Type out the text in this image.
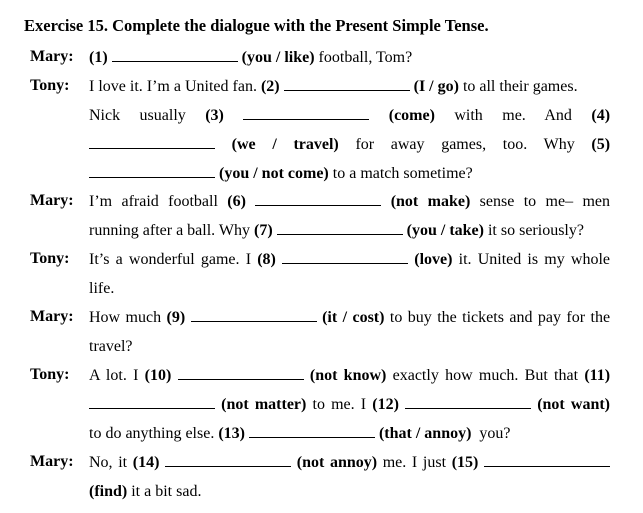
Exercise 15. Complete the dialogue with the Present Simple Tense.
Mary:
Tony:
Mary:
Tony:
Mary:
Tony:
Mary:
(1)	(you / like) football, Tom?
I love it. I’m a United fan. (2)	(I / go) to all their games.
Nick usually (3)	(come) with me. And (4)
(we / travel) for away games, too. Why (5)
(you / not come) to a match sometime?
I’m afraid football (6)	(not make) sense to me– men
running after a ball. Why (7)	(you / take) it so seriously?
It’s a wonderful game. I (8)	(love) it. United is my whole
life.
How much (9)	(it / cost) to buy the tickets and pay for the
travel?
A lot. I (10)	(not know) exactly how much. But that (11)
(not matter) to me. I (12)	(not want)
to do anything else. (13)	(that / annoy) you?
No, it (14)	(not annoy) me. I just (15)
(find) it a bit sad.
